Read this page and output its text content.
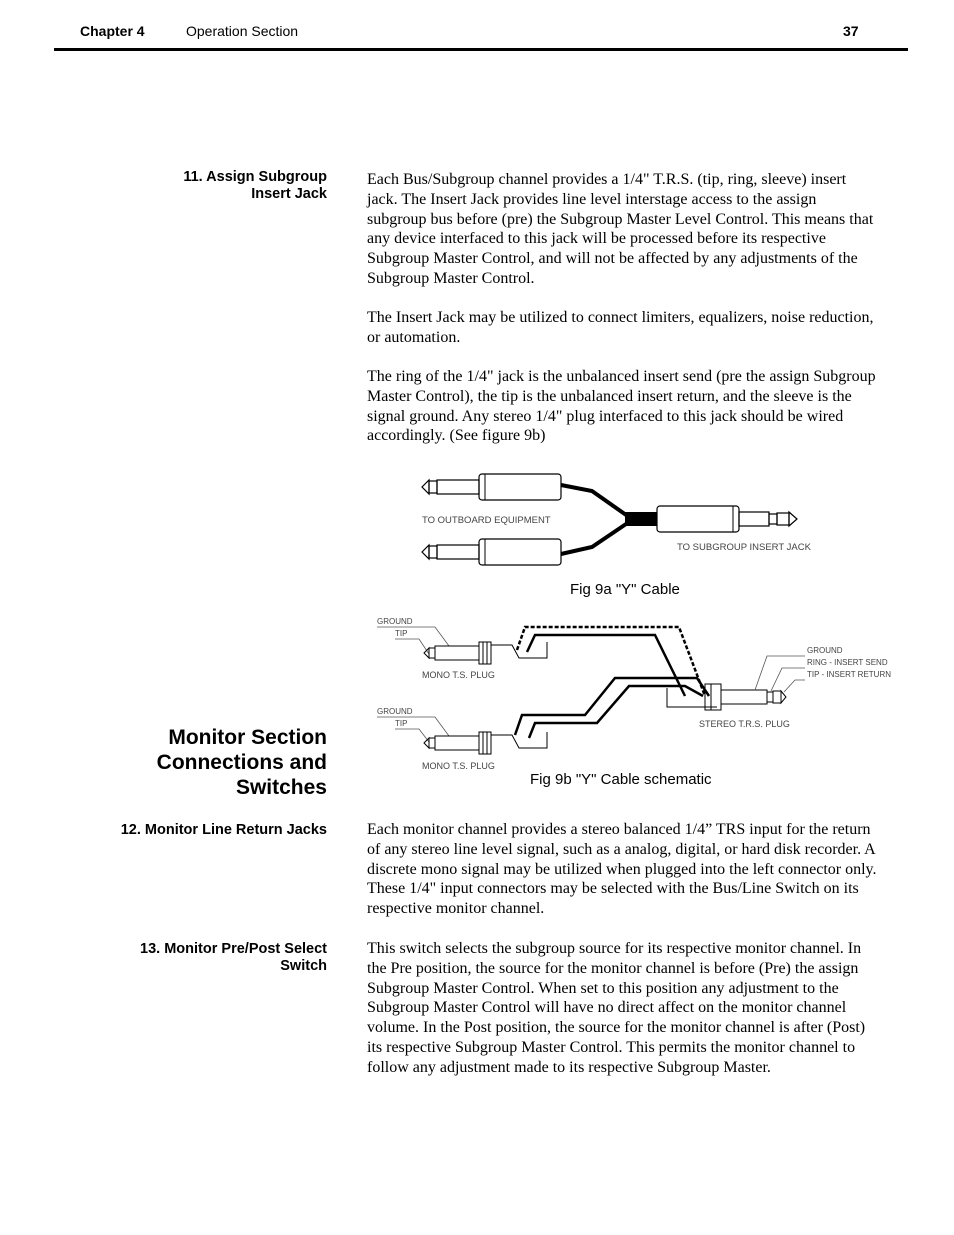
Chapter 4	Operation Section	37
11. Assign Subgroup
Insert Jack
Each Bus/Subgroup channel provides a 1/4" T.R.S. (tip, ring, sleeve) insert jack. The Insert Jack provides line level interstage access to the assign subgroup bus before (pre) the Subgroup Master Level Control. This means that any device interfaced to this jack will be processed before its respective Subgroup Master Control, and will not be affected by any adjustments of the Subgroup Master Control.
The Insert Jack may be utilized to connect limiters, equalizers, noise reduction, or automation.
The ring of the 1/4" jack is the unbalanced insert send (pre the assign Subgroup Master Control), the tip is the unbalanced insert return, and the sleeve is the signal ground. Any stereo 1/4" plug interfaced to this jack should be wired accordingly. (See figure 9b)
TO OUTBOARD EQUIPMENT
TO SUBGROUP INSERT JACK
Fig 9a "Y" Cable
GROUND
TIP
MONO T.S. PLUG
GROUND
TIP
MONO T.S. PLUG
STEREO T.R.S. PLUG
GROUND
RING - INSERT SEND
TIP - INSERT RETURN
Fig 9b "Y" Cable schematic
Monitor Section
Connections and
Switches
12. Monitor Line Return Jacks	Each monitor channel provides a stereo balanced 1/4” TRS input for the return of any stereo line level signal, such as a analog, digital, or hard disk recorder. A discrete mono signal may be utilized when plugged into the left connector only. These 1/4" input connectors may be selected with the Bus/Line Switch on its respective monitor channel.
13. Monitor Pre/Post Select
Switch
This switch selects the subgroup source for its respective monitor channel. In the Pre position, the source for the monitor channel is before (Pre) the assign Subgroup Master Control. When set to this position any adjustment to the Subgroup Master Control will have no direct affect on the monitor channel volume. In the Post position, the source for the monitor channel is after (Post) its respective Subgroup Master Control. This permits the monitor channel to follow any adjustment made to its respective Subgroup Master.
